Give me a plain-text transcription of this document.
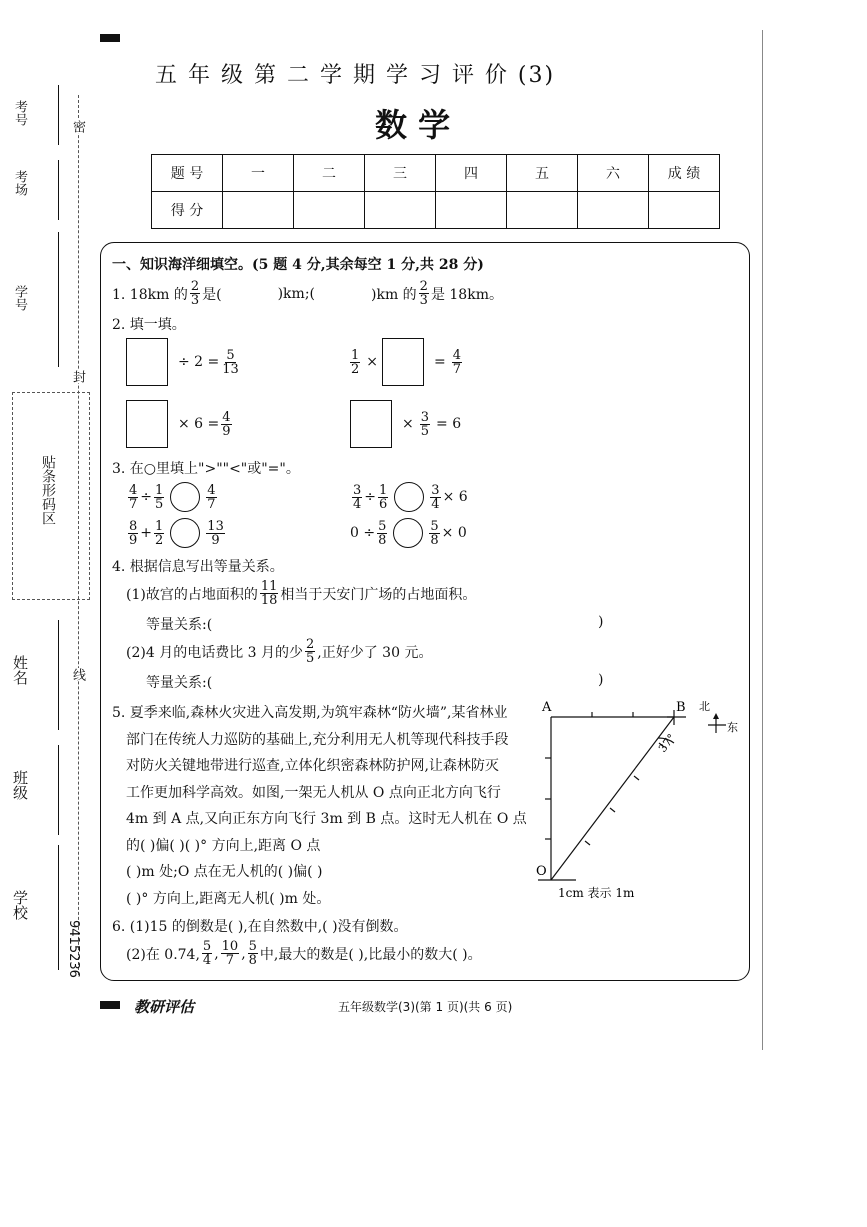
考号
考场
学号
密
封
线
贴条形码区
姓名
班级
学校
9415236
五 年 级 第 二 学 期 学 习 评 价 (3)
数 学
题 号	一	二	三	四	五	六	成 绩
得 分							
一、知识海洋细填空。(5 题 4 分,其余每空 1 分,共 28 分)
1. 18km 的 $\frac{2}{3}$ 是(	)km;(	)km 的 $\frac{2}{3}$ 是 18km。
2. 填一填。
÷ $2 = \frac{5}{13}$	$\frac{1}{2}$ ×	= $\frac{4}{7}$
× $6 = \frac{4}{9}$	× $\frac{3}{5} = 6$
3. 在○里填上">""<"或"="。
$\frac{4}{7} \div \frac{1}{5}$	$\frac{4}{7}$	$\frac{3}{4} \div \frac{1}{6}$	$\frac{3}{4} \times 6$
$\frac{8}{9} + \frac{1}{2}$	$\frac{13}{9}$	$0 \div \frac{5}{8}$	$\frac{5}{8} \times 0$
4. 根据信息写出等量关系。
(1)故宫的占地面积的 $\frac{11}{18}$ 相当于天安门广场的占地面积。
等量关系:(	)
(2)4 月的电话费比 3 月的少 $\frac{2}{5}$ ,正好少了 30 元。
等量关系:(	)
5. 夏季来临,森林火灾进入高发期,为筑牢森林“防火墙”,某省林业
部门在传统人力巡防的基础上,充分利用无人机等现代科技手段
对防火关键地带进行巡查,立体化织密森林防护网,让森林防灭
工作更加科学高效。如图,一架无人机从 O 点向正北方向飞行
4m 到 A 点,又向正东方向飞行 3m 到 B 点。这时无人机在 O 点
的( )偏( )( )° 方向上,距离 O 点
( )m 处;O 点在无人机的( )偏( )
( )° 方向上,距离无人机( )m 处。
A	B
O
37°
北
东
1cm 表示 1m
6. (1)15 的倒数是( ),在自然数中,( )没有倒数。
(2)在 0.74, $\frac{5}{4}$ , $\frac{10}{7}$ , $\frac{5}{8}$ 中,最大的数是( ),比最小的数大( )。
教研评估	五年级数学(3)(第 1 页)(共 6 页)
